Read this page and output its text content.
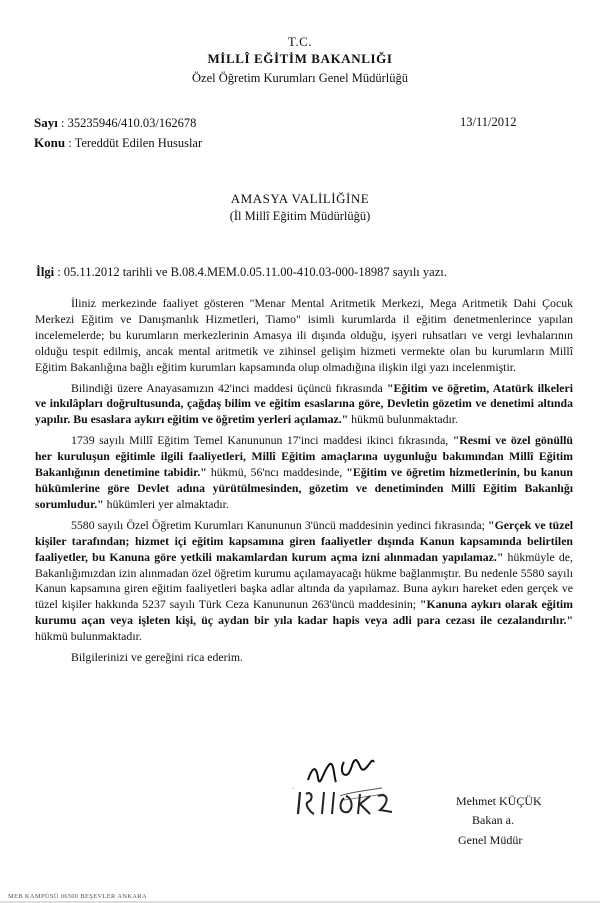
T.C.
MİLLÎ EĞİTİM BAKANLIĞI
Özel Öğretim Kurumları Genel Müdürlüğü
Sayı : 35235946/410.03/162678	13/11/2012
Konu : Tereddüt Edilen Hususlar
AMASYA VALİLİĞİNE
(İl Millî Eğitim Müdürlüğü)
İlgi : 05.11.2012 tarihli ve B.08.4.MEM.0.05.11.00-410.03-000-18987 sayılı yazı.

İliniz merkezinde faaliyet gösteren "Menar Mental Aritmetik Merkezi, Mega Aritmetik Dahi Çocuk Merkezi Eğitim ve Danışmanlık Hizmetleri, Tiamo" isimli kurumlarda il eğitim denetmenlerince yapılan incelemelerde; bu kurumların merkezlerinin Amasya ili dışında olduğu, işyeri ruhsatları ve vergi levhalarının olduğu tespit edilmiş, ancak mental aritmetik ve zihinsel gelişim hizmeti vermekte olan bu kurumların Millî Eğitim Bakanlığına bağlı eğitim kurumları kapsamında olup olmadığına ilişkin ilgi yazı incelenmiştir.

Bilindiği üzere Anayasamızın 42'inci maddesi üçüncü fıkrasında "Eğitim ve öğretim, Atatürk ilkeleri ve inkılâpları doğrultusunda, çağdaş bilim ve eğitim esaslarına göre, Devletin gözetim ve denetimi altında yapılır. Bu esaslara aykırı eğitim ve öğretim yerleri açılamaz." hükmü bulunmaktadır.

1739 sayılı Millî Eğitim Temel Kanununun 17'inci maddesi ikinci fıkrasında, "Resmi ve özel gönüllü her kuruluşun eğitimle ilgili faaliyetleri, Millî Eğitim amaçlarına uygunluğu bakımından Millî Eğitim Bakanlığının denetimine tabidir." hükmü, 56'ncı maddesinde, "Eğitim ve öğretim hizmetlerinin, bu kanun hükümlerine göre Devlet adına yürütülmesinden, gözetim ve denetiminden Millî Eğitim Bakanlığı sorumludur." hükümleri yer almaktadır.

5580 sayılı Özel Öğretim Kurumları Kanununun 3'üncü maddesinin yedinci fıkrasında; "Gerçek ve tüzel kişiler tarafından; hizmet içi eğitim kapsamına giren faaliyetler dışında Kanun kapsamında belirtilen faaliyetler, bu Kanuna göre yetkili makamlardan kurum açma izni alınmadan yapılamaz." hükmüyle de, Bakanlığımızdan izin alınmadan özel öğretim kurumu açılamayacağı hükme bağlanmıştır. Bu nedenle 5580 sayılı Kanun kapsamına giren eğitim faaliyetleri başka adlar altında da yapılamaz. Buna aykırı hareket eden gerçek ve tüzel kişiler hakkında 5237 sayılı Türk Ceza Kanununun 263'üncü maddesinin; "Kanuna aykırı olarak eğitim kurumu açan veya işleten kişi, üç aydan bir yıla kadar hapis veya adli para cezası ile cezalandırılır." hükmü bulunmaktadır.

Bilgilerinizi ve gereğini rica ederim.

-
Mehmet KÜÇÜK
Bakan a.
Genel Müdür
MEB KAMPÜSÜ 06500 BEŞEVLER ANKARA
